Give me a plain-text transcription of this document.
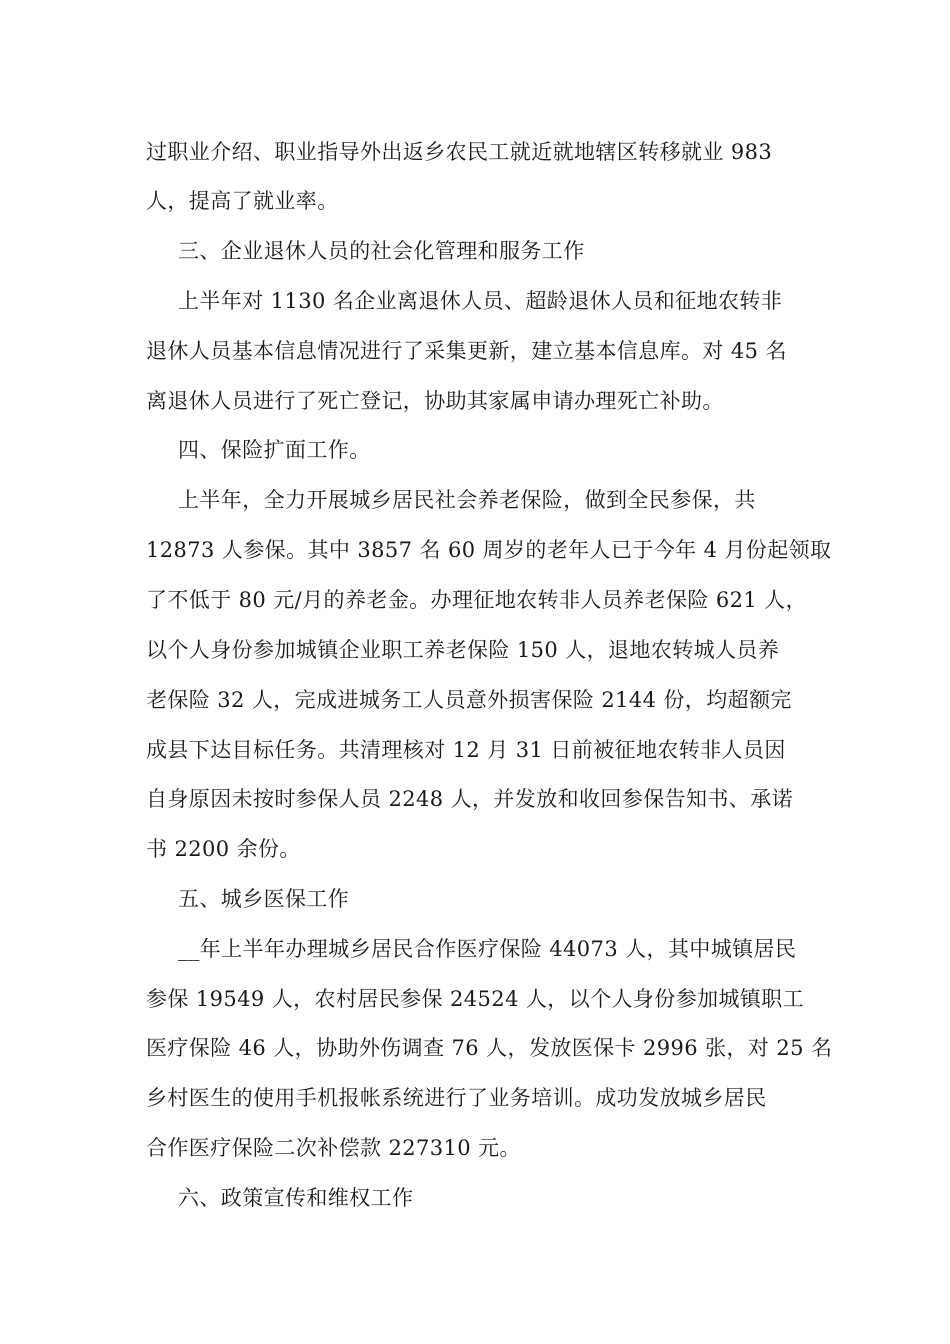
过职业介绍、职业指导外出返乡农民工就近就地辖区转移就业 983
人，提高了就业率。
三、企业退休人员的社会化管理和服务工作
上半年对 1130 名企业离退休人员、超龄退休人员和征地农转非
退休人员基本信息情况进行了采集更新，建立基本信息库。对 45 名
离退休人员进行了死亡登记，协助其家属申请办理死亡补助。
四、保险扩面工作。
上半年，全力开展城乡居民社会养老保险，做到全民参保，共
12873 人参保。其中 3857 名 60 周岁的老年人已于今年 4 月份起领取
了不低于 80 元/月的养老金。办理征地农转非人员养老保险 621 人，
以个人身份参加城镇企业职工养老保险 150 人，退地农转城人员养
老保险 32 人，完成进城务工人员意外损害保险 2144 份，均超额完
成县下达目标任务。共清理核对 12 月 31 日前被征地农转非人员因
自身原因未按时参保人员 2248 人，并发放和收回参保告知书、承诺
书 2200 余份。
五、城乡医保工作
__年上半年办理城乡居民合作医疗保险 44073 人，其中城镇居民
参保 19549 人，农村居民参保 24524 人，以个人身份参加城镇职工
医疗保险 46 人，协助外伤调查 76 人，发放医保卡 2996 张，对 25 名
乡村医生的使用手机报帐系统进行了业务培训。成功发放城乡居民
合作医疗保险二次补偿款 227310 元。
六、政策宣传和维权工作
